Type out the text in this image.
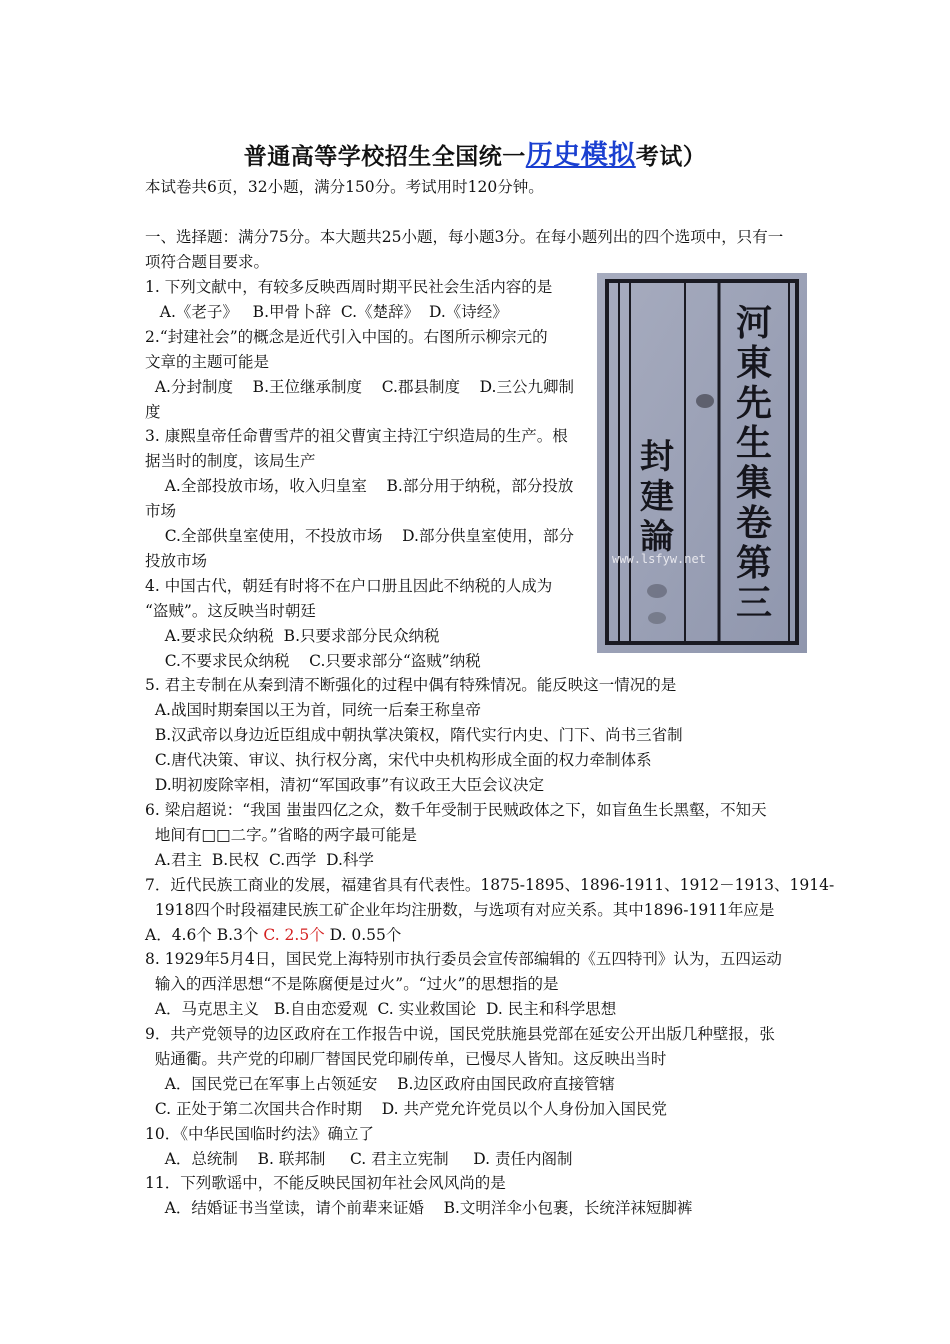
普通高等学校招生全国统一历史模拟考试）
本试卷共6页，32小题，满分150分。考试用时120分钟。
一、选择题：满分75分。本大题共25小题，每小题3分。在每小题列出的四个选项中，只有一
项符合题目要求。
1. 下列文献中，有较多反映西周时期平民社会生活内容的是
A.《老子》   B.甲骨卜辞  C.《楚辞》  D.《诗经》
2.“封建社会”的概念是近代引入中国的。右图所示柳宗元的
文章的主题可能是
A.分封制度    B.王位继承制度    C.郡县制度    D.三公九卿制
度
3. 康熙皇帝任命曹雪芹的祖父曹寅主持江宁织造局的生产。根
据当时的制度，该局生产
A.全部投放市场，收入归皇室    B.部分用于纳税，部分投放
市场
C.全部供皇室使用，不投放市场    D.部分供皇室使用，部分
投放市场
4. 中国古代，朝廷有时将不在户口册且因此不纳税的人成为
“盗贼”。这反映当时朝廷
A.要求民众纳税  B.只要求部分民众纳税
C.不要求民众纳税    C.只要求部分“盗贼”纳税
5. 君主专制在从秦到清不断强化的过程中偶有特殊情况。能反映这一情况的是
A.战国时期秦国以王为首，同统一后秦王称皇帝
B.汉武帝以身边近臣组成中朝执掌决策权，隋代实行内史、门下、尚书三省制
C.唐代决策、审议、执行权分离，宋代中央机构形成全面的权力牵制体系
D.明初废除宰相，清初“军国政事”有议政王大臣会议决定
6. 梁启超说：“我国 蚩蚩四亿之众，数千年受制于民贼政体之下，如盲鱼生长黑壑，不知天
地间有□□二字。”省略的两字最可能是
A.君主  B.民权  C.西学  D.科学
7．近代民族工商业的发展，福建省具有代表性。1875-1895、1896-1911、1912－1913、1914-
1918四个时段福建民族工矿企业年均注册数，与选项有对应关系。其中1896-1911年应是
8. 1929年5月4日，国民党上海特别市执行委员会宣传部编辑的《五四特刊》认为，五四运动
输入的西洋思想“不是陈腐便是过火”。“过火”的思想指的是
A．马克思主义   B.自由恋爱观  C. 实业救国论  D. 民主和科学思想
9．共产党领导的边区政府在工作报告中说，国民党肤施县党部在延安公开出版几种壁报，张
贴通衢。共产党的印刷厂替国民党印刷传单，已慢尽人皆知。这反映出当时
A．国民党已在军事上占领延安    B.边区政府由国民政府直接管辖
C. 正处于第二次国共合作时期    D. 共产党允许党员以个人身份加入国民党
10．《中华民国临时约法》确立了
A．总统制    B. 联邦制     C. 君主立宪制     D. 责任内阁制
11．下列歌谣中，不能反映民国初年社会风风尚的是
A．结婚证书当堂读，请个前辈来证婚    B.文明洋伞小包裹，长统洋袜短脚裤
A．4.6个 B.3个 C. 2.5个 D. 0.55个
河東先生集卷第三
封建論
www.lsfyw.net
